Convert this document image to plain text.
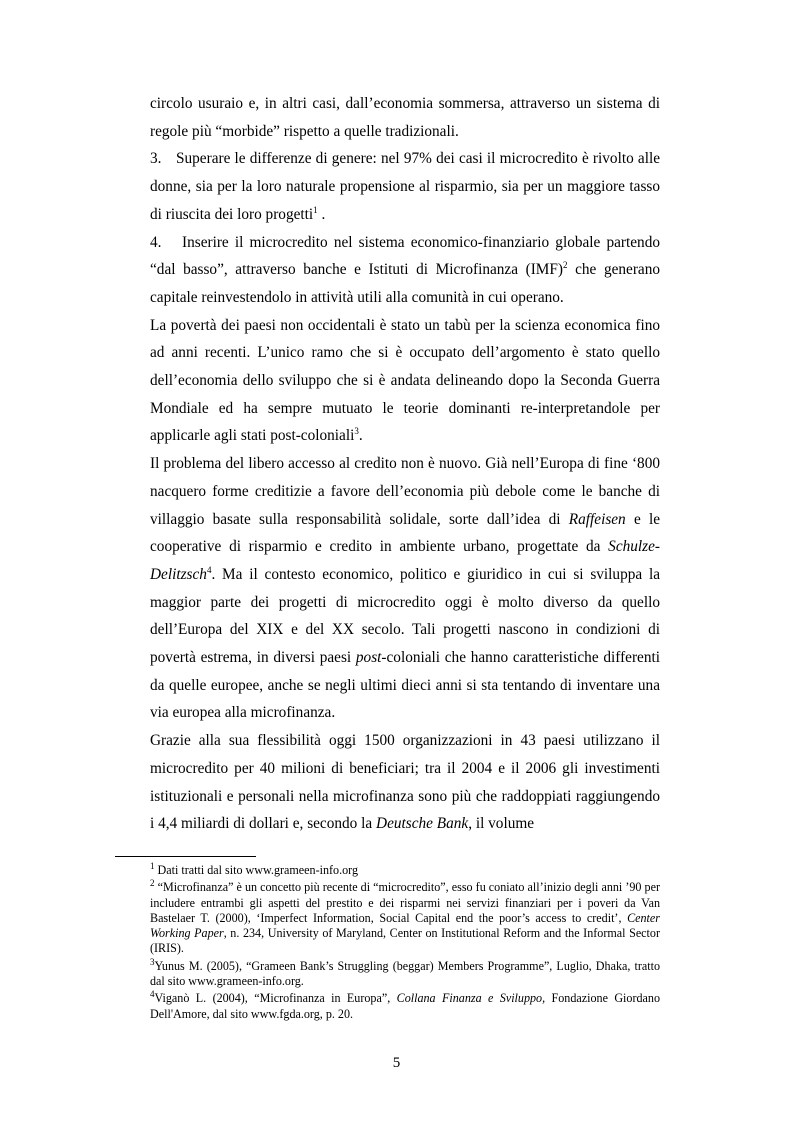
circolo usuraio e, in altri casi, dall’economia sommersa, attraverso un sistema di regole più “morbide” rispetto a quelle tradizionali.

3. Superare le differenze di genere: nel 97% dei casi il microcredito è rivolto alle donne, sia per la loro naturale propensione al risparmio, sia per un maggiore tasso di riuscita dei loro progetti$^1$ .

4. Inserire il microcredito nel sistema economico-finanziario globale partendo “dal basso”, attraverso banche e Istituti di Microfinanza (IMF)$^2$ che generano capitale reinvestendolo in attività utili alla comunità in cui operano.

La povertà dei paesi non occidentali è stato un tabù per la scienza economica fino ad anni recenti. L’unico ramo che si è occupato dell’argomento è stato quello dell’economia dello sviluppo che si è andata delineando dopo la Seconda Guerra Mondiale ed ha sempre mutuato le teorie dominanti re-interpretandole per applicarle agli stati post-coloniali$^3$.

Il problema del libero accesso al credito non è nuovo. Già nell’Europa di fine ‘800 nacquero forme creditizie a favore dell’economia più debole come le banche di villaggio basate sulla responsabilità solidale, sorte dall’idea di Raffeisen e le cooperative di risparmio e credito in ambiente urbano, progettate da Schulze-Delitzsch$^4$. Ma il contesto economico, politico e giuridico in cui si sviluppa la maggior parte dei progetti di microcredito oggi è molto diverso da quello dell’Europa del XIX e del XX secolo. Tali progetti nascono in condizioni di povertà estrema, in diversi paesi post-coloniali che hanno caratteristiche differenti da quelle europee, anche se negli ultimi dieci anni si sta tentando di inventare una via europea alla microfinanza.

Grazie alla sua flessibilità oggi 1500 organizzazioni in 43 paesi utilizzano il microcredito per 40 milioni di beneficiari; tra il 2004 e il 2006 gli investimenti istituzionali e personali nella microfinanza sono più che raddoppiati raggiungendo i 4,4 miliardi di dollari e, secondo la Deutsche Bank, il volume

$^1$ Dati tratti dal sito www.grameen-info.org

$^2$ “Microfinanza” è un concetto più recente di “microcredito”, esso fu coniato all’inizio degli anni ’90 per includere entrambi gli aspetti del prestito e dei risparmi nei servizi finanziari per i poveri da Van Bastelaer T. (2000), ‘Imperfect Information, Social Capital end the poor’s access to credit’, Center Working Paper, n. 234, University of Maryland, Center on Institutional Reform and the Informal Sector (IRIS).

$^3$Yunus M. (2005), “Grameen Bank’s Struggling (beggar) Members Programme”, Luglio, Dhaka, tratto dal sito www.grameen-info.org.

$^4$Viganò L. (2004), “Microfinanza in Europa”, Collana Finanza e Sviluppo, Fondazione Giordano Dell'Amore, dal sito www.fgda.org, p. 20.

5
